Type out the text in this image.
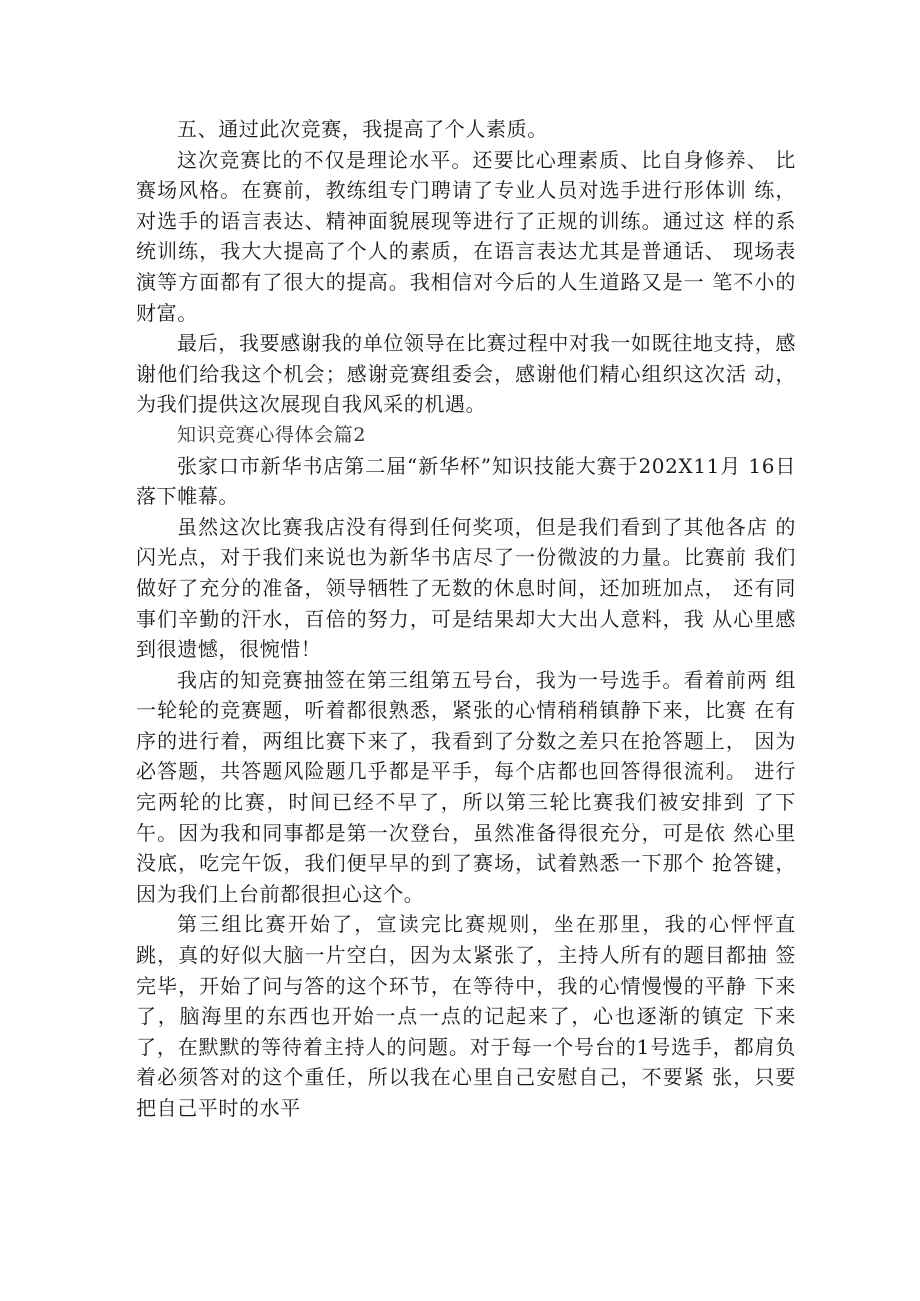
五、通过此次竞赛，我提高了个人素质。

这次竞赛比的不仅是理论水平。还要比心理素质、比自身修养、 比赛场风格。在赛前，教练组专门聘请了专业人员对选手进行形体训 练，对选手的语言表达、精神面貌展现等进行了正规的训练。通过这 样的系统训练，我大大提高了个人的素质，在语言表达尤其是普通话、 现场表演等方面都有了很大的提高。我相信对今后的人生道路又是一 笔不小的财富。

最后，我要感谢我的单位领导在比赛过程中对我一如既往地支持，感谢他们给我这个机会；感谢竞赛组委会，感谢他们精心组织这次活 动，为我们提供这次展现自我风采的机遇。

知识竞赛心得体会篇2

张家口市新华书店第二届“新华杯”知识技能大赛于202X11月 16日落下帷幕。

虽然这次比赛我店没有得到任何奖项，但是我们看到了其他各店 的闪光点，对于我们来说也为新华书店尽了一份微波的力量。比赛前 我们做好了充分的准备，领导牺牲了无数的休息时间，还加班加点， 还有同事们辛勤的汗水，百倍的努力，可是结果却大大出人意料，我 从心里感到很遗憾，很惋惜！

我店的知竞赛抽签在第三组第五号台，我为一号选手。看着前两 组一轮轮的竞赛题，听着都很熟悉，紧张的心情稍稍镇静下来，比赛 在有序的进行着，两组比赛下来了，我看到了分数之差只在抢答题上， 因为必答题，共答题风险题几乎都是平手，每个店都也回答得很流利。 进行完两轮的比赛，时间已经不早了，所以第三轮比赛我们被安排到 了下午。因为我和同事都是第一次登台，虽然准备得很充分，可是依 然心里没底，吃完午饭，我们便早早的到了赛场，试着熟悉一下那个 抢答键，因为我们上台前都很担心这个。

第三组比赛开始了，宣读完比赛规则，坐在那里，我的心怦怦直 跳，真的好似大脑一片空白，因为太紧张了，主持人所有的题目都抽 签完毕，开始了问与答的这个环节，在等待中，我的心情慢慢的平静 下来了，脑海里的东西也开始一点一点的记起来了，心也逐渐的镇定 下来了，在默默的等待着主持人的问题。对于每一个号台的1号选手，都肩负着必须答对的这个重任，所以我在心里自己安慰自己，不要紧 张，只要把自己平时的水平
